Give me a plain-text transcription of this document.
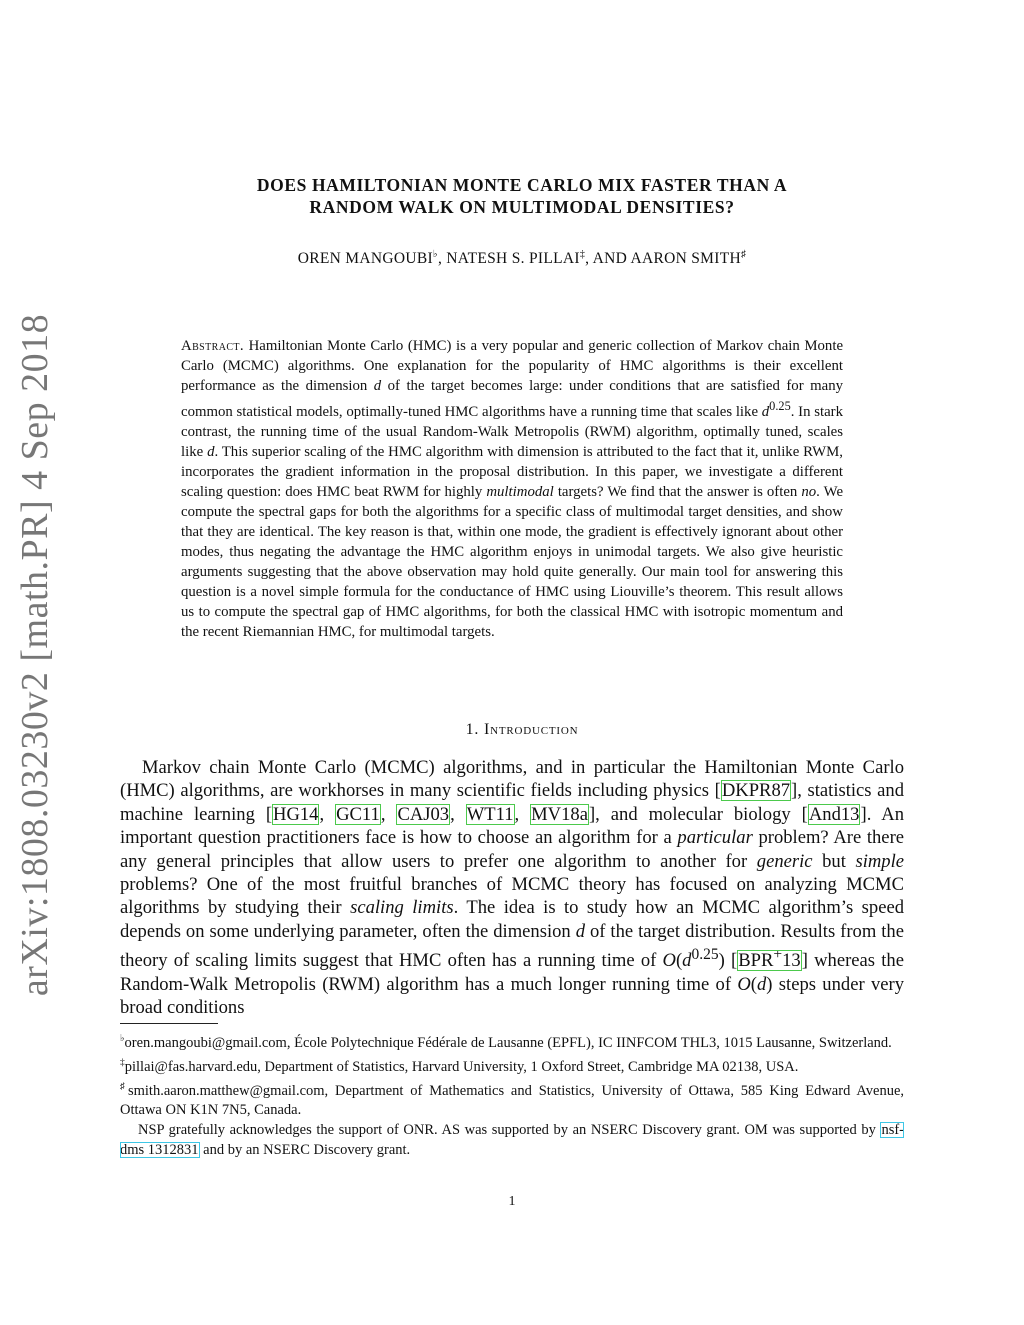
arXiv:1808.03230v2 [math.PR] 4 Sep 2018
DOES HAMILTONIAN MONTE CARLO MIX FASTER THAN A
RANDOM WALK ON MULTIMODAL DENSITIES?
OREN MANGOUBI♭, NATESH S. PILLAI‡, AND AARON SMITH♯

Abstract. Hamiltonian Monte Carlo (HMC) is a very popular and generic collection of Markov chain Monte Carlo (MCMC) algorithms. One explanation for the popularity of HMC algorithms is their excellent performance as the dimension d of the target becomes large: under conditions that are satisfied for many common statistical models, optimally-tuned HMC algorithms have a running time that scales like $d^{0.25}$. In stark contrast, the running time of the usual Random-Walk Metropolis (RWM) algorithm, optimally tuned, scales like d. This superior scaling of the HMC algorithm with dimension is attributed to the fact that it, unlike RWM, incorporates the gradient information in the proposal distribution. In this paper, we investigate a different scaling question: does HMC beat RWM for highly multimodal targets? We find that the answer is often no. We compute the spectral gaps for both the algorithms for a specific class of multimodal target densities, and show that they are identical. The key reason is that, within one mode, the gradient is effectively ignorant about other modes, thus negating the advantage the HMC algorithm enjoys in unimodal targets. We also give heuristic arguments suggesting that the above observation may hold quite generally. Our main tool for answering this question is a novel simple formula for the conductance of HMC using Liouville’s theorem. This result allows us to compute the spectral gap of HMC algorithms, for both the classical HMC with isotropic momentum and the recent Riemannian HMC, for multimodal targets.

1. Introduction

Markov chain Monte Carlo (MCMC) algorithms, and in particular the Hamiltonian Monte Carlo (HMC) algorithms, are workhorses in many scientific fields including physics [DKPR87], statistics and machine learning [HG14, GC11, CAJ03, WT11, MV18a], and molecular biology [And13]. An important question practitioners face is how to choose an algorithm for a particular problem? Are there any general principles that allow users to prefer one algorithm to another for generic but simple problems? One of the most fruitful branches of MCMC theory has focused on analyzing MCMC algorithms by studying their scaling limits. The idea is to study how an MCMC algorithm’s speed depends on some underlying parameter, often the dimension d of the target distribution. Results from the theory of scaling limits suggest that HMC often has a running time of $O(d^{0.25})$ [BPR+13] whereas the Random-Walk Metropolis (RWM) algorithm has a much longer running time of O(d) steps under very broad conditions

♭oren.mangoubi@gmail.com, École Polytechnique Fédérale de Lausanne (EPFL), IC IINFCOM THL3, 1015 Lausanne, Switzerland.

‡pillai@fas.harvard.edu, Department of Statistics, Harvard University, 1 Oxford Street, Cambridge MA 02138, USA.

♯smith.aaron.matthew@gmail.com, Department of Mathematics and Statistics, University of Ottawa, 585 King Edward Avenue, Ottawa ON K1N 7N5, Canada.

NSP gratefully acknowledges the support of ONR. AS was supported by an NSERC Discovery grant. OM was supported by nsf-dms 1312831 and by an NSERC Discovery grant.

1
